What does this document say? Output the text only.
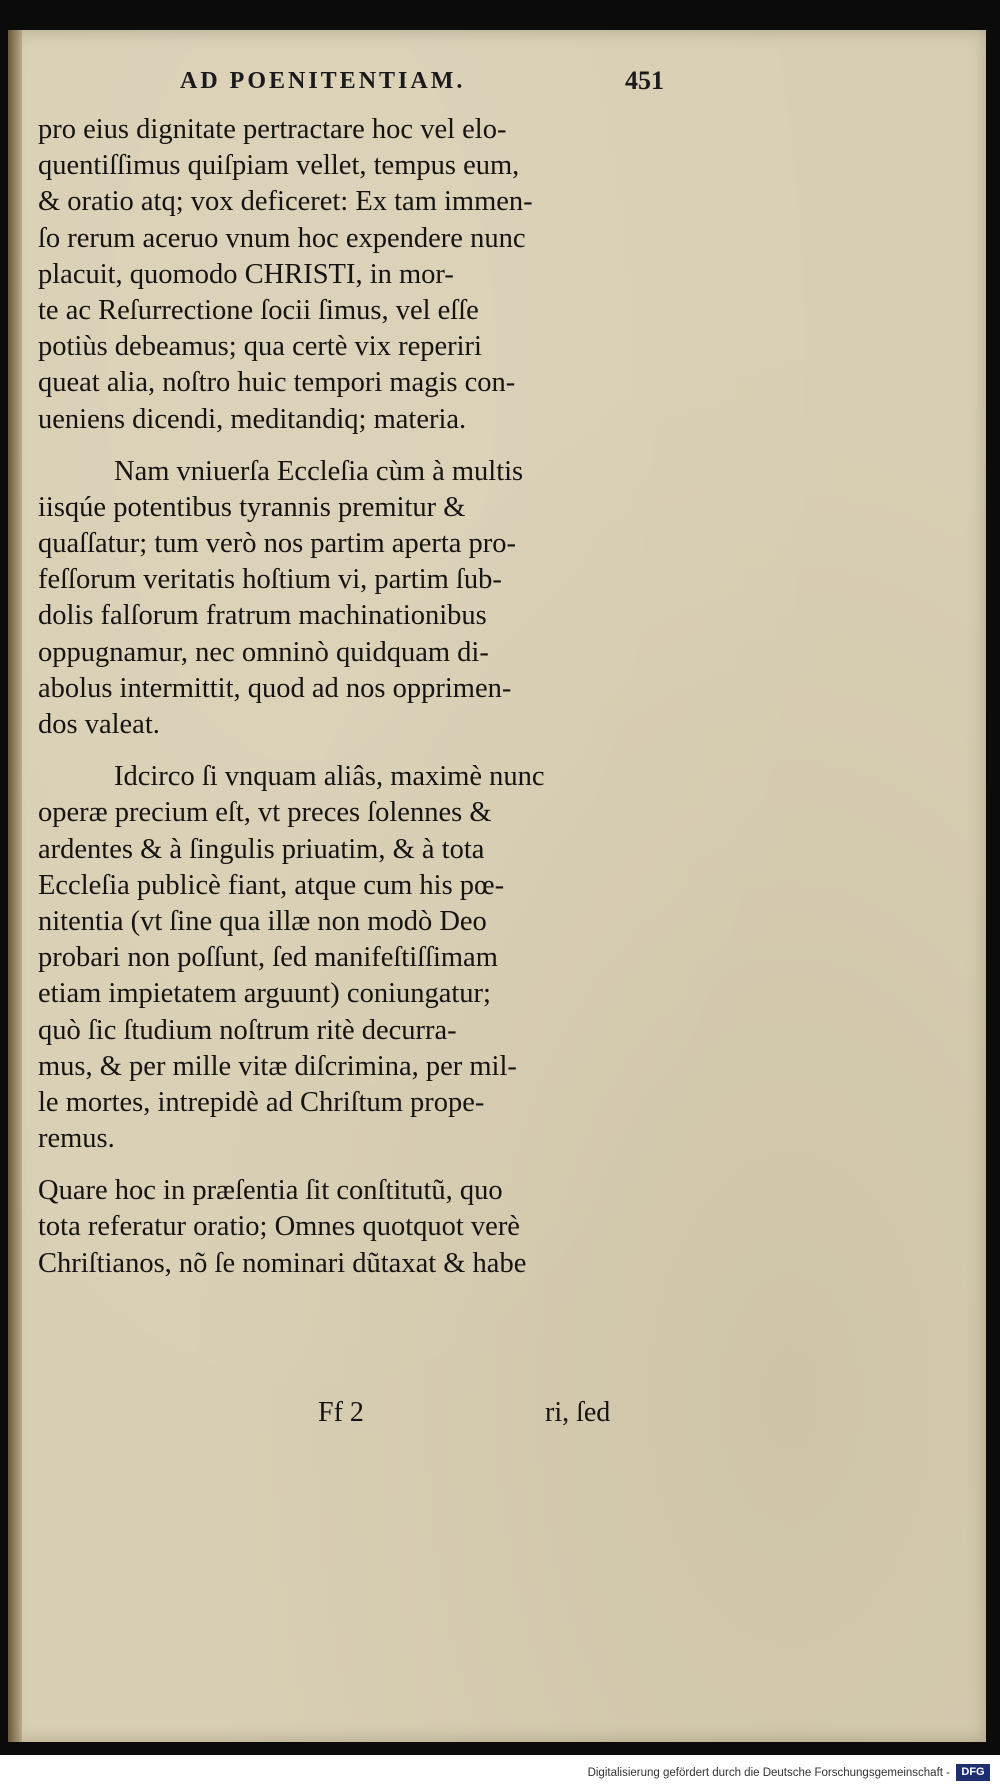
AD POENITENTIAM.	451
pro eius dignitate pertractare hoc vel elo-
quentiſſimus quiſpiam vellet, tempus eum,
& oratio atq; vox deficeret: Ex tam immen-
ſo rerum aceruo vnum hoc expendere nunc
placuit, quomodo CHRISTI, in mor-
te ac Reſurrectione ſocii ſimus, vel eſſe
potiùs debeamus; qua certè vix reperiri
queat alia, noſtro huic tempori magis con-
ueniens dicendi, meditandiq; materia.
Nam vniuerſa Eccleſia cùm à multis
iisqúe potentibus tyrannis premitur &
quaſſatur; tum verò nos partim aperta pro-
feſſorum veritatis hoſtium vi, partim ſub-
dolis falſorum fratrum machinationibus
oppugnamur, nec omninò quidquam di-
abolus intermittit, quod ad nos opprimen-
dos valeat.
Idcirco ſi vnquam aliâs, maximè nunc
operæ precium eſt, vt preces ſolennes &
ardentes & à ſingulis priuatim, & à tota
Eccleſia publicè fiant, atque cum his pœ-
nitentia (vt ſine qua illæ non modò Deo
probari non poſſunt, ſed manifeſtiſſimam
etiam impietatem arguunt) coniungatur;
quò ſic ſtudium noſtrum ritè decurra-
mus, & per mille vitæ diſcrimina, per mil-
le mortes, intrepidè ad Chriſtum prope-
remus.
Quare hoc in præſentia ſit conſtitutũ, quo
tota referatur oratio; Omnes quotquot verè
Chriſtianos, nõ ſe nominari dũtaxat & habe
Ff 2	ri, ſed
Digitalisierung gefördert durch die Deutsche Forschungsgemeinschaft -	DFG
